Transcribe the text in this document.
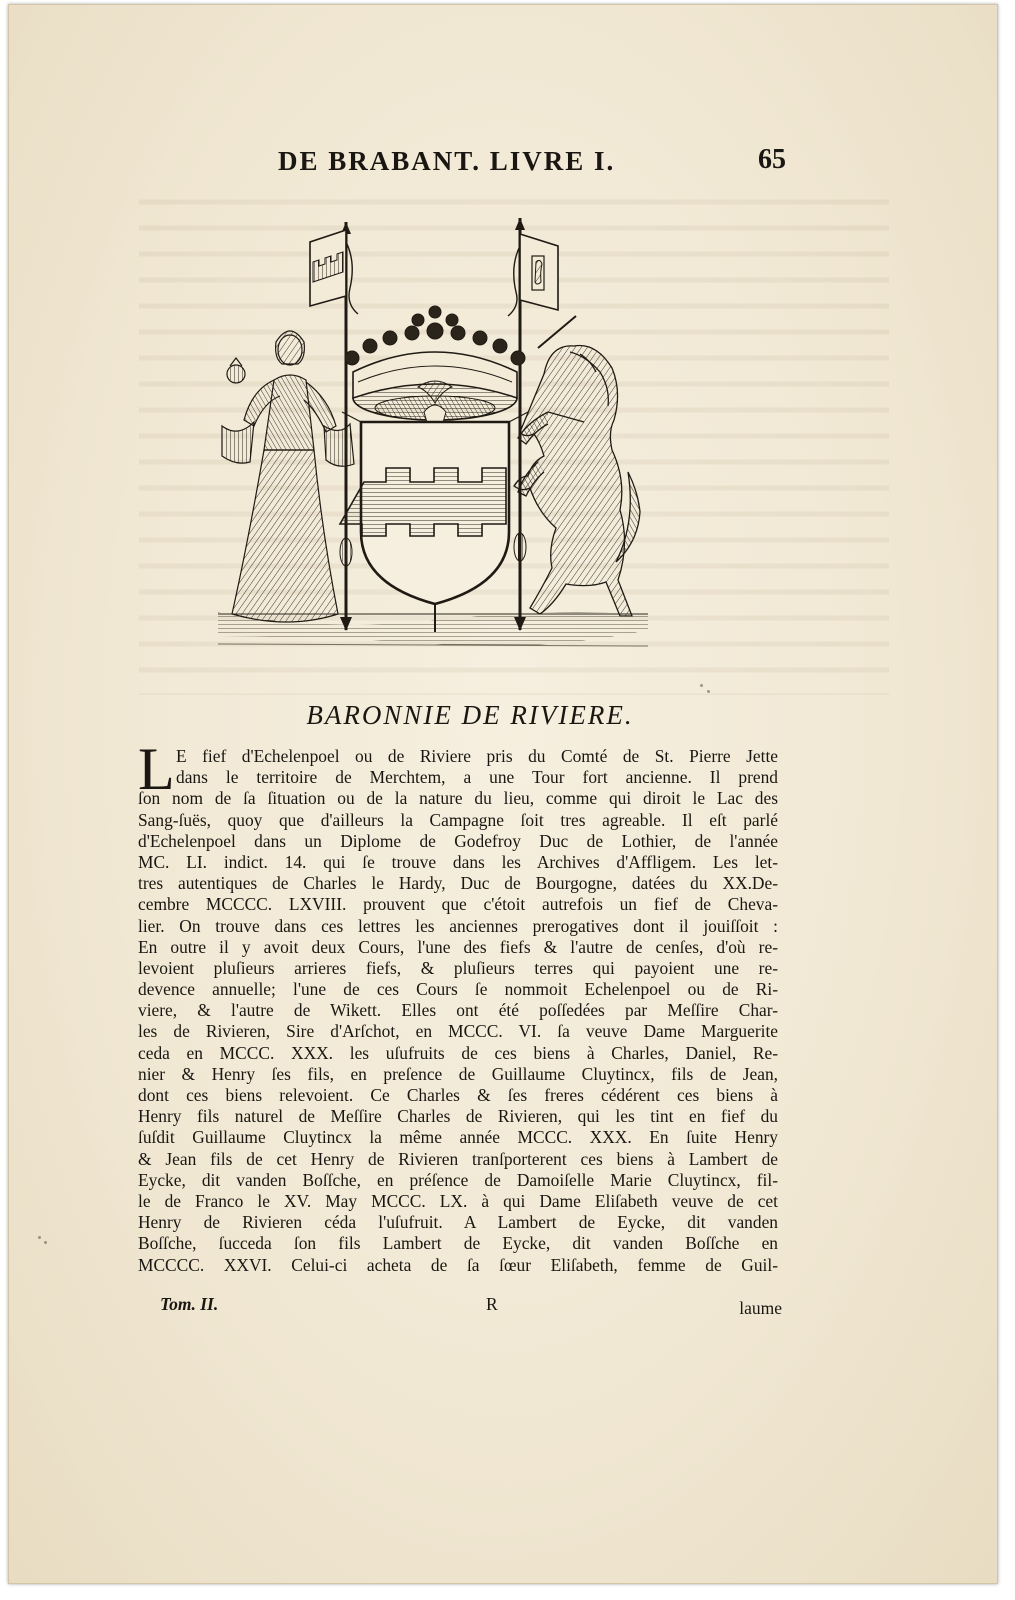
DE BRABANT. LIVRE I.	65
BARONNIE DE RIVIERE.
L E fief d'Echelenpoel ou de Riviere pris du Comté de St. Pierre Jette
dans le territoire de Merchtem, a une Tour fort ancienne. Il prend
ſon nom de ſa ſituation ou de la nature du lieu, comme qui diroit le Lac des
Sang-ſuës, quoy que d'ailleurs la Campagne ſoit tres agreable. Il eſt parlé
d'Echelenpoel dans un Diplome de Godefroy Duc de Lothier, de l'année
MC. LI. indict. 14. qui ſe trouve dans les Archives d'Affligem. Les let-
tres autentiques de Charles le Hardy, Duc de Bourgogne, datées du XX.De-
cembre MCCCC. LXVIII. prouvent que c'étoit autrefois un fief de Cheva-
lier. On trouve dans ces lettres les anciennes prerogatives dont il jouiſſoit :
En outre il y avoit deux Cours, l'une des fiefs & l'autre de cenſes, d'où re-
levoient pluſieurs arrieres fiefs, & pluſieurs terres qui payoient une re-
devence annuelle; l'une de ces Cours ſe nommoit Echelenpoel ou de Ri-
viere, & l'autre de Wikett. Elles ont été poſſedées par Meſſire Char-
les de Rivieren, Sire d'Arſchot, en MCCC. VI. ſa veuve Dame Marguerite
ceda en MCCC. XXX. les uſufruits de ces biens à Charles, Daniel, Re-
nier & Henry ſes fils, en preſence de Guillaume Cluytincx, fils de Jean,
dont ces biens relevoient. Ce Charles & ſes freres cédérent ces biens à
Henry fils naturel de Meſſire Charles de Rivieren, qui les tint en fief du
ſuſdit Guillaume Cluytincx la même année MCCC. XXX. En ſuite Henry
& Jean fils de cet Henry de Rivieren tranſporterent ces biens à Lambert de
Eycke, dit vanden Boſſche, en préſence de Damoiſelle Marie Cluytincx, fil-
le de Franco le XV. May MCCC. LX. à qui Dame Eliſabeth veuve de cet
Henry de Rivieren céda l'uſufruit. A Lambert de Eycke, dit vanden
Boſſche, ſucceda ſon fils Lambert de Eycke, dit vanden Boſſche en
MCCCC. XXVI. Celui-ci acheta de ſa ſœur Eliſabeth, femme de Guil-
Tom. II.	R	laume
